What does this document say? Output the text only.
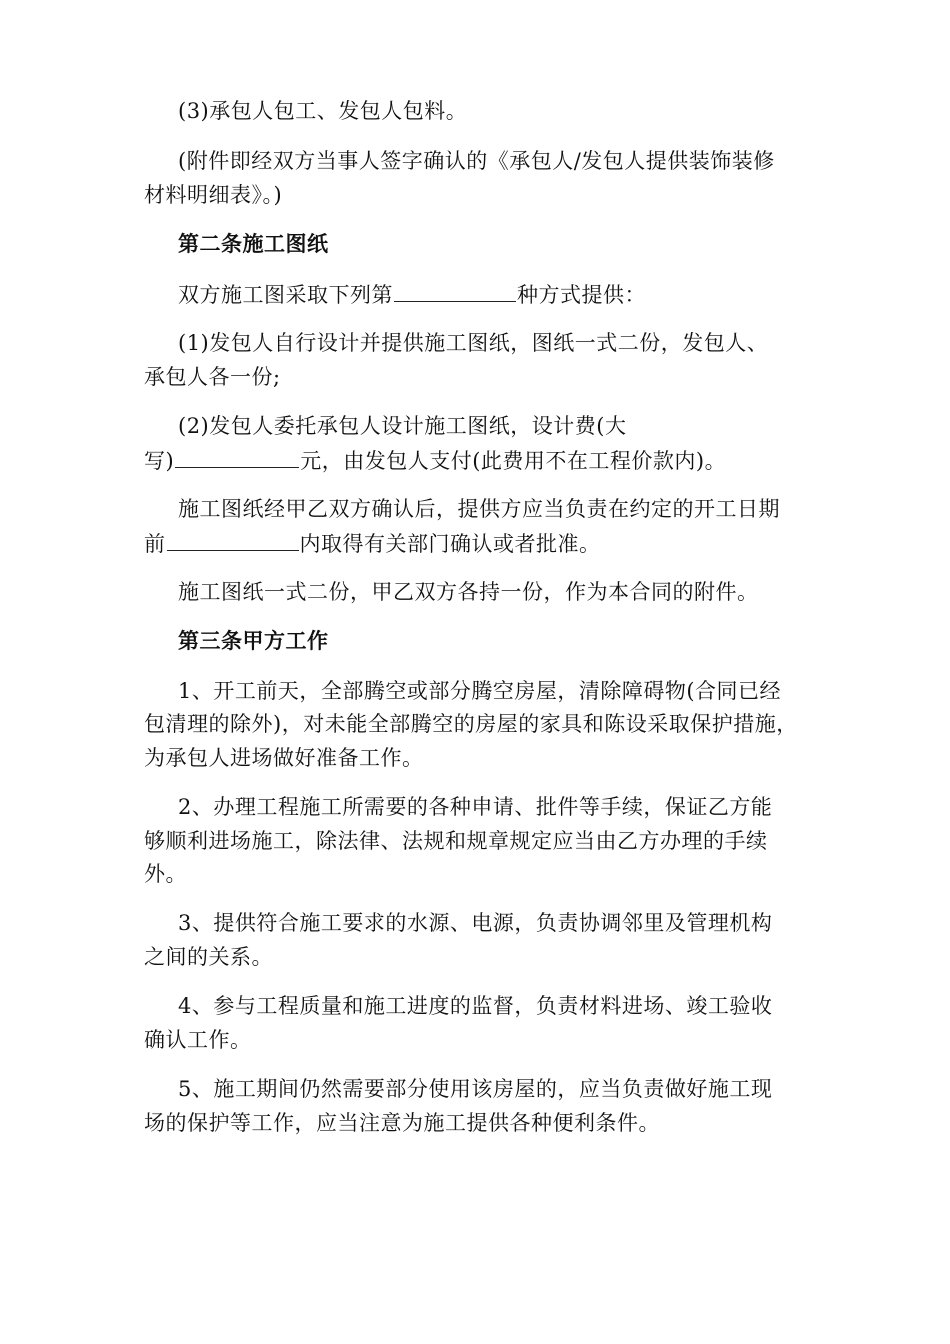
(3)承包人包工、发包人包料。
(附件即经双方当事人签字确认的《承包人/发包人提供装饰装修
材料明细表》。)
第二条施工图纸
双方施工图采取下列第	种方式提供：
(1)发包人自行设计并提供施工图纸，图纸一式二份，发包人、
承包人各一份;
(2)发包人委托承包人设计施工图纸，设计费(大
写)	元，由发包人支付(此费用不在工程价款内)。
施工图纸经甲乙双方确认后，提供方应当负责在约定的开工日期
前	内取得有关部门确认或者批准。
施工图纸一式二份，甲乙双方各持一份，作为本合同的附件。
第三条甲方工作
1、开工前天，全部腾空或部分腾空房屋，清除障碍物(合同已经
包清理的除外)，对未能全部腾空的房屋的家具和陈设采取保护措施，
为承包人进场做好准备工作。
2、办理工程施工所需要的各种申请、批件等手续，保证乙方能
够顺利进场施工，除法律、法规和规章规定应当由乙方办理的手续
外。
3、提供符合施工要求的水源、电源，负责协调邻里及管理机构
之间的关系。
4、参与工程质量和施工进度的监督，负责材料进场、竣工验收
确认工作。
5、施工期间仍然需要部分使用该房屋的，应当负责做好施工现
场的保护等工作，应当注意为施工提供各种便利条件。
